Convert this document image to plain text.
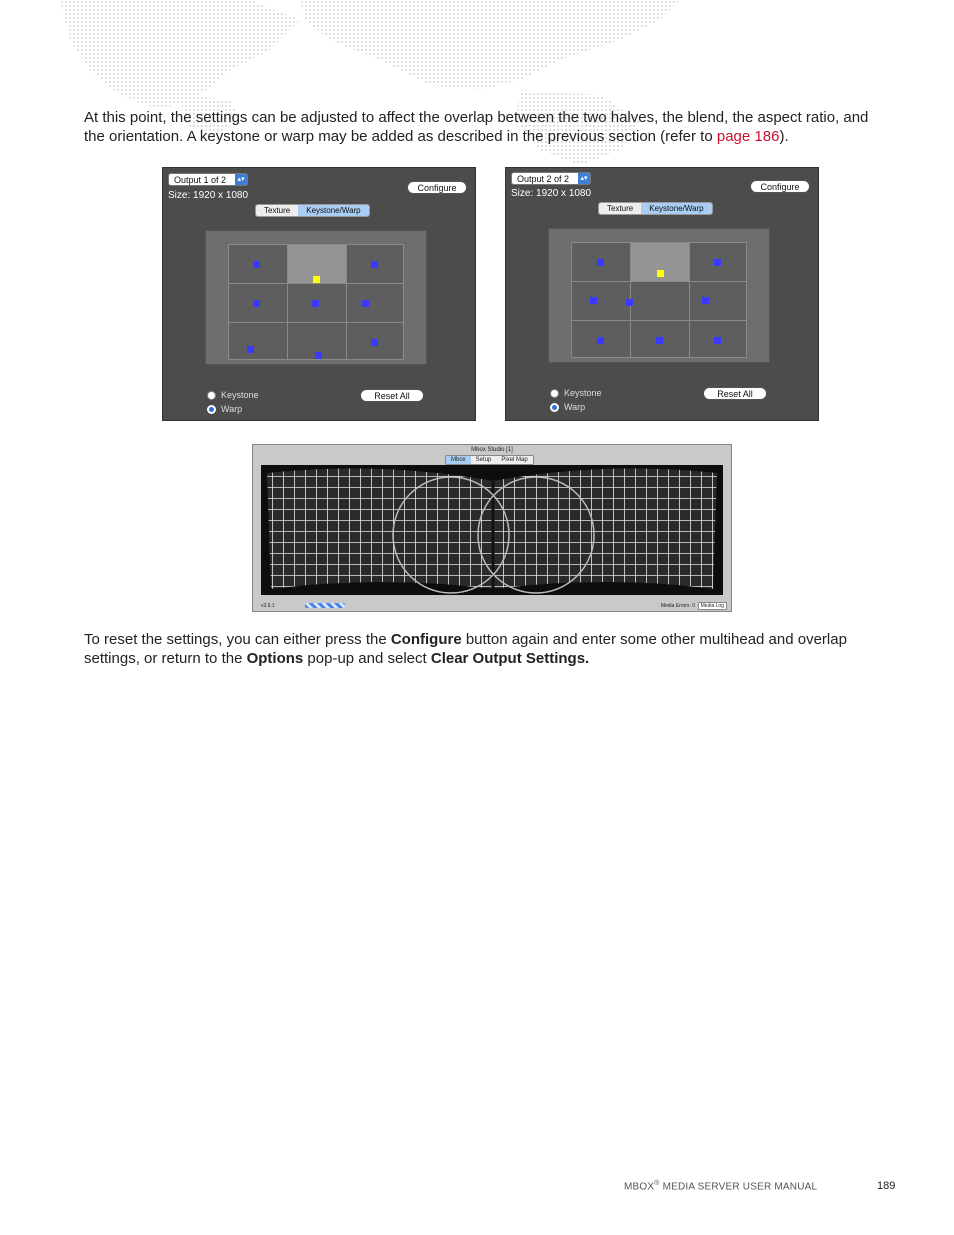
At this point, the settings can be adjusted to affect the overlap between the two halves, the blend, the aspect ratio, and the orientation. A keystone or warp may be added as described in the previous section (refer to page 186).

Output 1 of 2	▴▾
Size: 1920 x 1080
Configure
Texture	Keystone/Warp
Keystone
Warp
Reset All
Output 2 of 2	▴▾
Size: 1920 x 1080
Configure
Texture	Keystone/Warp
Keystone
Warp
Reset All
Mbox Studio [1]
Mbox	Setup	Pixel Map
v3.9.1	Media Errors: 0	Media Log

To reset the settings, you can either press the Configure button again and enter some other multihead and overlap settings, or return to the Options pop-up and select Clear Output Settings.

MBOX® MEDIA SERVER USER MANUAL	189
